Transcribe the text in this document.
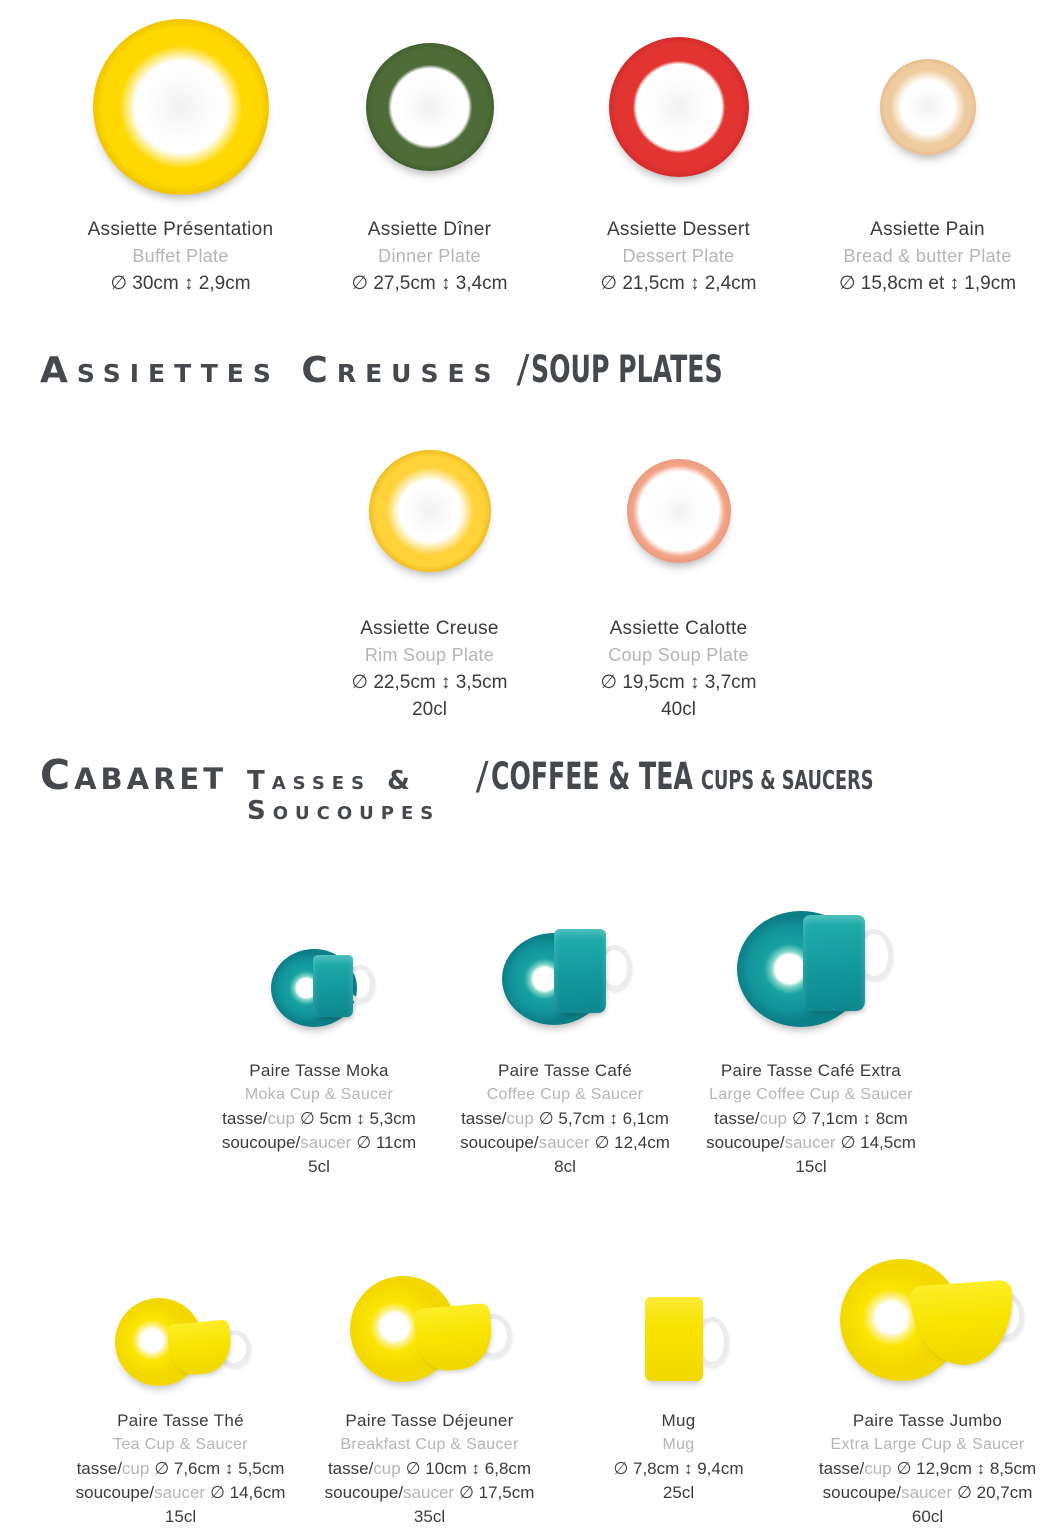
Assiette Présentation
Buffet Plate
∅ 30cm ↕ 2,9cm
Assiette Dîner
Dinner Plate
∅ 27,5cm ↕ 3,4cm
Assiette Dessert
Dessert Plate
∅ 21,5cm ↕ 2,4cm
Assiette Pain
Bread & butter Plate
∅ 15,8cm et ↕ 1,9cm
Assiettes Creuses / SOUP PLATES
Assiette Creuse
Rim Soup Plate
∅ 22,5cm ↕ 3,5cm
20cl
Assiette Calotte
Coup Soup Plate
∅ 19,5cm ↕ 3,7cm
40cl
Cabaret Tasses & Soucoupes
/ COFFEE & TEA CUPS & SAUCERS
Paire Tasse Moka
Moka Cup & Saucer
tasse/cup ∅ 5cm ↕ 5,3cm
soucoupe/saucer ∅ 11cm
5cl
Paire Tasse Café
Coffee Cup & Saucer
tasse/cup ∅ 5,7cm ↕ 6,1cm
soucoupe/saucer ∅ 12,4cm
8cl
Paire Tasse Café Extra
Large Coffee Cup & Saucer
tasse/cup ∅ 7,1cm ↕ 8cm
soucoupe/saucer ∅ 14,5cm
15cl
Paire Tasse Thé
Tea Cup & Saucer
tasse/cup ∅ 7,6cm ↕ 5,5cm
soucoupe/saucer ∅ 14,6cm
15cl
Paire Tasse Déjeuner
Breakfast Cup & Saucer
tasse/cup ∅ 10cm ↕ 6,8cm
soucoupe/saucer ∅ 17,5cm
35cl
Mug
Mug
∅ 7,8cm ↕ 9,4cm
25cl
Paire Tasse Jumbo
Extra Large Cup & Saucer
tasse/cup ∅ 12,9cm ↕ 8,5cm
soucoupe/saucer ∅ 20,7cm
60cl
